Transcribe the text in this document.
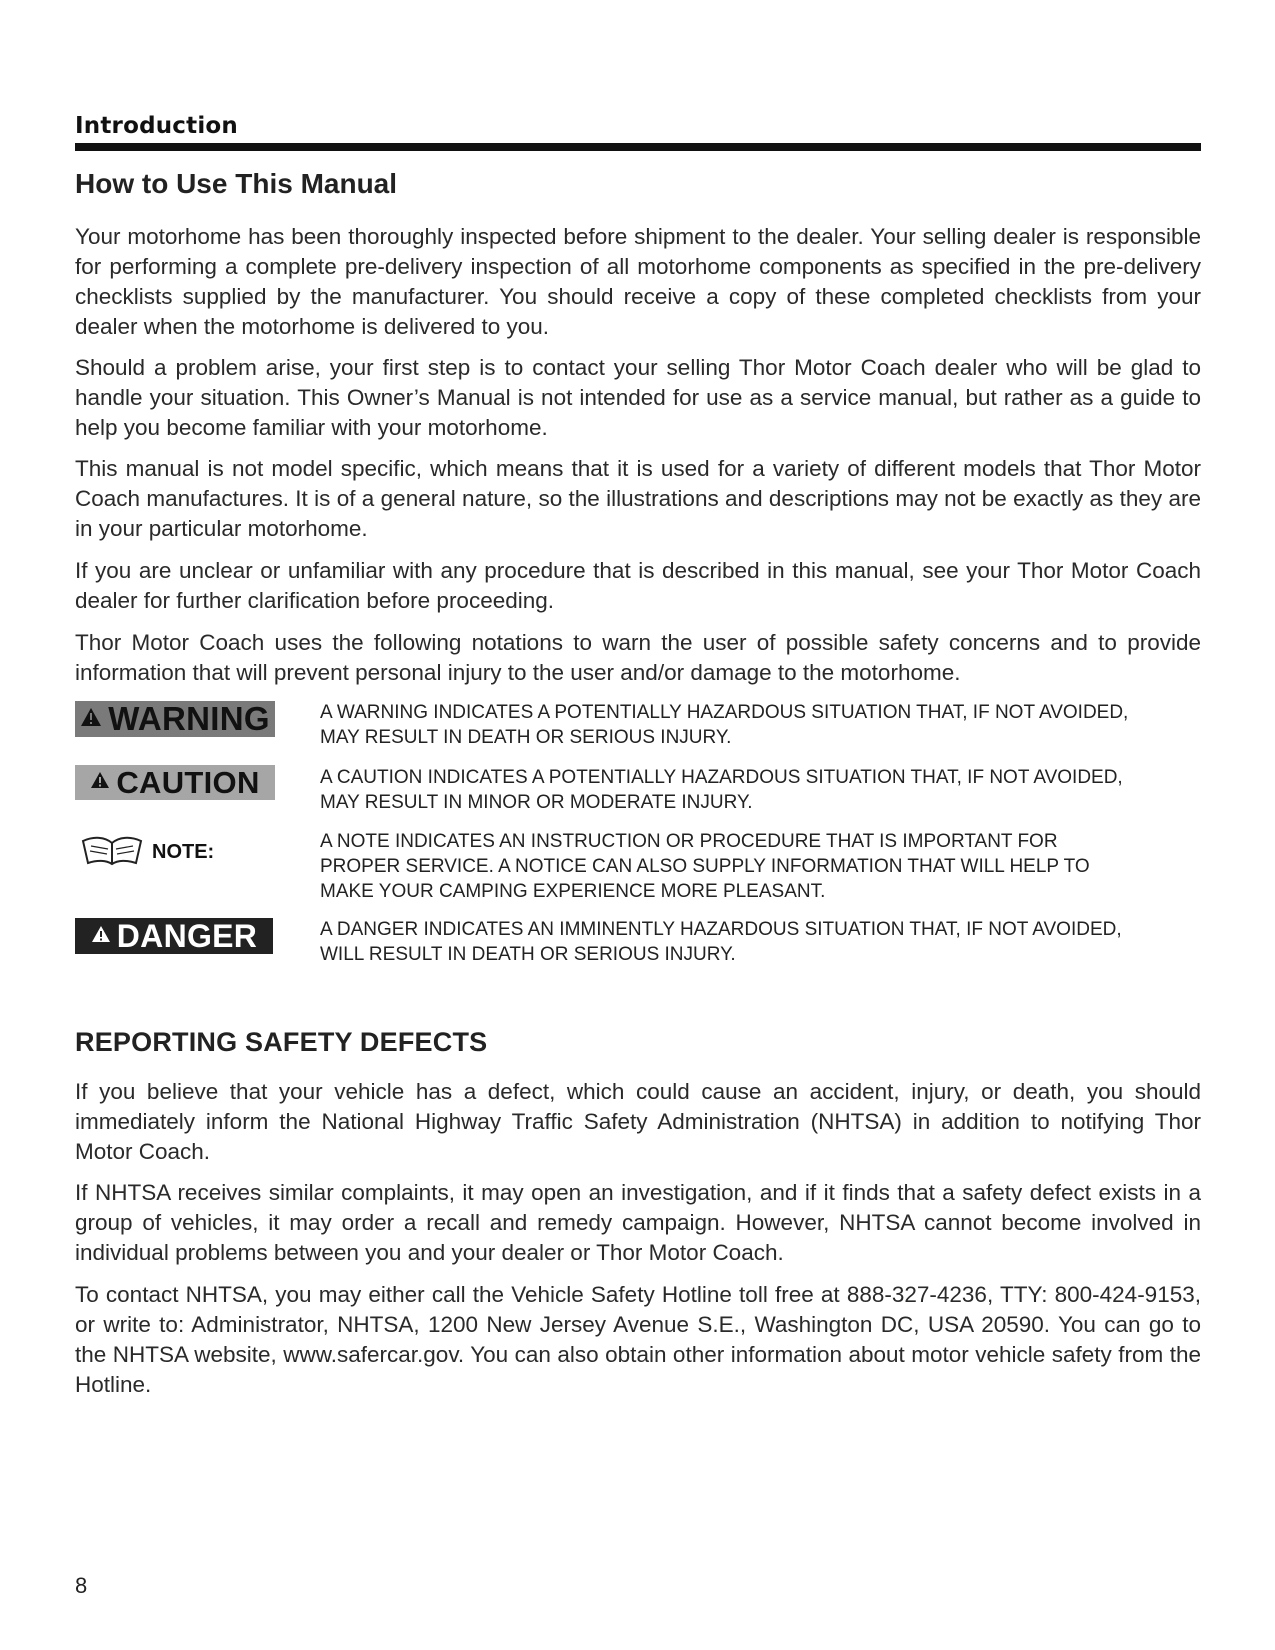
Introduction
How to Use This Manual

Your motorhome has been thoroughly inspected before shipment to the dealer. Your selling dealer is responsible for performing a complete pre-delivery inspection of all motorhome components as specified in the pre-delivery checklists supplied by the manufacturer. You should receive a copy of these completed checklists from your dealer when the motorhome is delivered to you.

Should a problem arise, your first step is to contact your selling Thor Motor Coach dealer who will be glad to handle your situation. This Owner’s Manual is not intended for use as a service manual, but rather as a guide to help you become familiar with your motorhome.

This manual is not model specific, which means that it is used for a variety of different models that Thor Motor Coach manufactures. It is of a general nature, so the illustrations and descriptions may not be exactly as they are in your particular motorhome.

If you are unclear or unfamiliar with any procedure that is described in this manual, see your Thor Motor Coach dealer for further clarification before proceeding.

Thor Motor Coach uses the following notations to warn the user of possible safety concerns and to provide information that will prevent personal injury to the user and/or damage to the motorhome.

WARNING	A WARNING INDICATES A POTENTIALLY HAZARDOUS SITUATION THAT, IF NOT AVOIDED, MAY RESULT IN DEATH OR SERIOUS INJURY.

CAUTION	A CAUTION INDICATES A POTENTIALLY HAZARDOUS SITUATION THAT, IF NOT AVOIDED, MAY RESULT IN MINOR OR MODERATE INJURY.

NOTE:	A NOTE INDICATES AN INSTRUCTION OR PROCEDURE THAT IS IMPORTANT FOR PROPER SERVICE. A NOTICE CAN ALSO SUPPLY INFORMATION THAT WILL HELP TO MAKE YOUR CAMPING EXPERIENCE MORE PLEASANT.

DANGER	A DANGER INDICATES AN IMMINENTLY HAZARDOUS SITUATION THAT, IF NOT AVOIDED, WILL RESULT IN DEATH OR SERIOUS INJURY.

REPORTING SAFETY DEFECTS

If you believe that your vehicle has a defect, which could cause an accident, injury, or death, you should immediately inform the National Highway Traffic Safety Administration (NHTSA) in addition to notifying Thor Motor Coach.

If NHTSA receives similar complaints, it may open an investigation, and if it finds that a safety defect exists in a group of vehicles, it may order a recall and remedy campaign. However, NHTSA cannot become involved in individual problems between you and your dealer or Thor Motor Coach.

To contact NHTSA, you may either call the Vehicle Safety Hotline toll free at 888-327-4236, TTY: 800-424-9153, or write to: Administrator, NHTSA, 1200 New Jersey Avenue S.E., Washington DC, USA 20590. You can go to the NHTSA website, www.safercar.gov. You can also obtain other information about motor vehicle safety from the Hotline.

8
